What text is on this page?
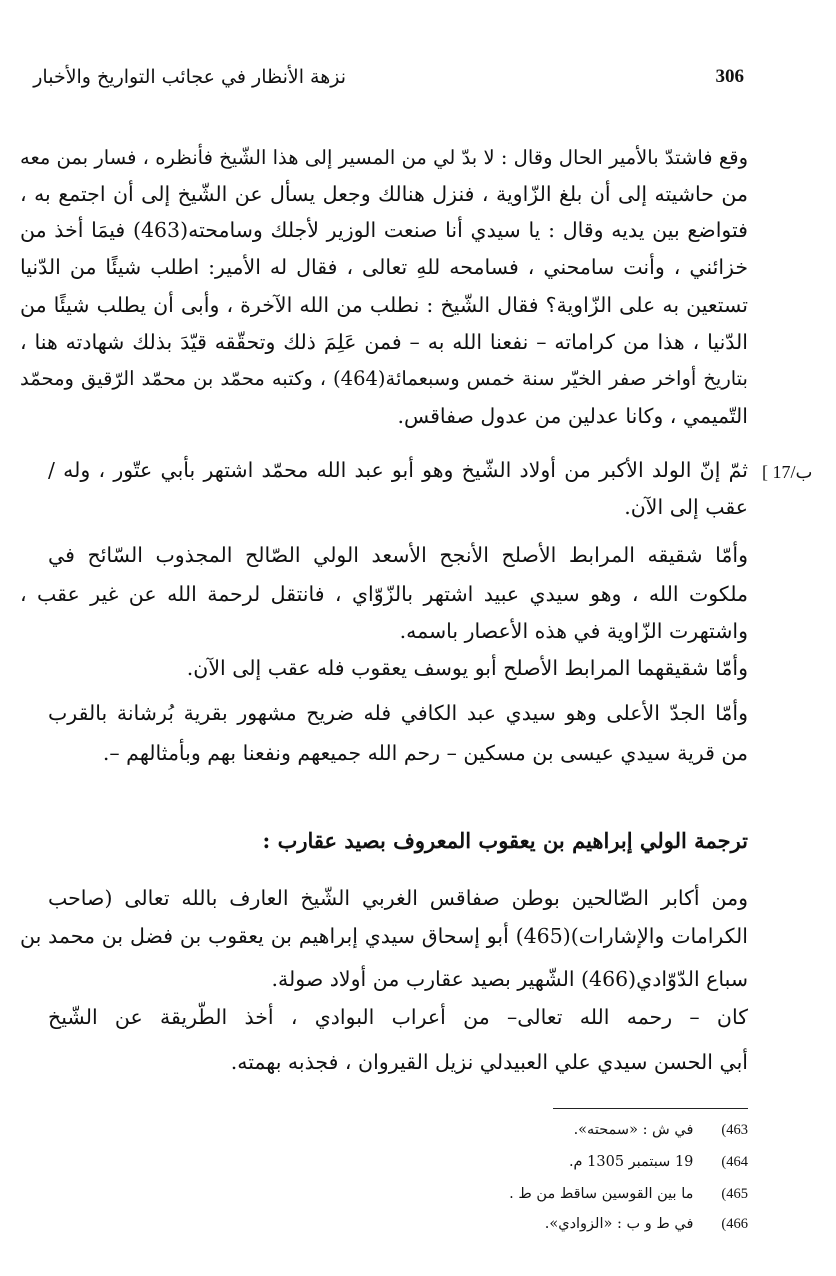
نزهة الأنظار في عجائب التواريخ والأخبار	306
وقع فاشتدّ بالأمير الحال وقال : لا بدّ لي من المسير إلى هذا الشّيخ فأنظره ، فسار بمن معه
من حاشيته إلى أن بلغ الزّاوية ، فنزل هنالك وجعل يسأل عن الشّيخ إلى أن اجتمع به ،
فتواضع بين يديه وقال : يا سيدي أنا صنعت الوزير لأجلك وسامحته(463) فيمَا أخذ من
خزائني ، وأنت سامحني ، فسامحه للهِ تعالى ، فقال له الأمير: اطلب شيئًا من الدّنيا
تستعين به على الزّاوية؟ فقال الشّيخ : نطلب من الله الآخرة ، وأبى أن يطلب شيئًا من
الدّنيا ، هذا من كراماته – نفعنا الله به – فمن عَلِمَ ذلك وتحقّقه قيّدَ بذلك شهادته هنا ،
بتاريخ أواخر صفر الخيّر سنة خمس وسبعمائة(464) ، وكتبه محمّد بن محمّد الرّقيق ومحمّد
التّميمي ، وكانا عدلين من عدول صفاقس.
ثمّ إنّ الولد الأكبر من أولاد الشّيخ وهو أبو عبد الله محمّد اشتهر بأبي عتّور ، وله /
عقب إلى الآن.
[ 17/ب
وأمّا شقيقه المرابط الأصلح الأنجح الأسعد الولي الصّالح المجذوب السّائح في
ملكوت الله ، وهو سيدي عبيد اشتهر بالزّوّاي ، فانتقل لرحمة الله عن غير عقب ،
واشتهرت الزّاوية في هذه الأعصار باسمه.
وأمّا شقيقهما المرابط الأصلح أبو يوسف يعقوب فله عقب إلى الآن.
وأمّا الجدّ الأعلى وهو سيدي عبد الكافي فله ضريح مشهور بقرية بُرشانة بالقرب
من قرية سيدي عيسى بن مسكين – رحم الله جميعهم ونفعنا بهم وبأمثالهم –.
ترجمة الولي إبراهيم بن يعقوب المعروف بصيد عقارب :
ومن أكابر الصّالحين بوطن صفاقس الغربي الشّيخ العارف بالله تعالى (صاحب
الكرامات والإشارات)(465) أبو إسحاق سيدي إبراهيم بن يعقوب بن فضل بن محمد بن
سباع الدّوّادي(466) الشّهير بصيد عقارب من أولاد صولة.
كان – رحمه الله تعالى– من أعراب البوادي ، أخذ الطّريقة عن الشّيخ
أبي الحسن سيدي علي العبيدلي نزيل القيروان ، فجذبه بهمته.
463) في ش : «سمحته».
464) 19 سبتمبر 1305 م.
465) ما بين القوسين ساقط من ط .
466) في ط و ب : «الزوادي».
